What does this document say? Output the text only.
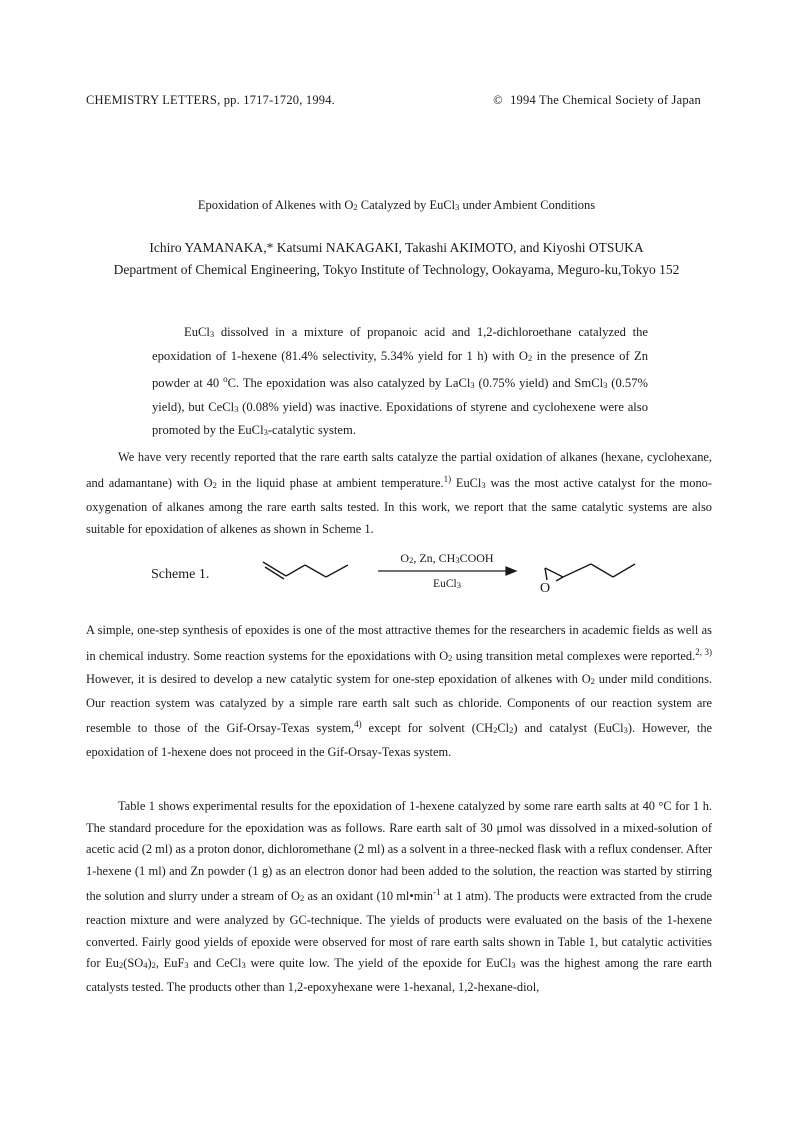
CHEMISTRY LETTERS, pp. 1717-1720, 1994.	© 1994 The Chemical Society of Japan
Epoxidation of Alkenes with $O_2$ Catalyzed by EuCl$_3$ under Ambient Conditions
Ichiro YAMANAKA,* Katsumi NAKAGAKI, Takashi AKIMOTO, and Kiyoshi OTSUKA
Department of Chemical Engineering, Tokyo Institute of Technology, Ookayama, Meguro-ku,Tokyo 152
EuCl$_3$ dissolved in a mixture of propanoic acid and 1,2-dichloroethane catalyzed the epoxidation of 1-hexene (81.4% selectivity, 5.34% yield for 1 h) with $O_2$ in the presence of Zn powder at 40 $^o$C. The epoxidation was also catalyzed by LaCl$_3$ (0.75% yield) and SmCl$_3$ (0.57% yield), but CeCl$_3$ (0.08% yield) was inactive. Epoxidations of styrene and cyclohexene were also promoted by the EuCl$_3$-catalytic system.
We have very recently reported that the rare earth salts catalyze the partial oxidation of alkanes (hexane, cyclohexane, and adamantane) with $O_2$ in the liquid phase at ambient temperature.$^{1)}$ EuCl$_3$ was the most active catalyst for the mono-oxygenation of alkanes among the rare earth salts tested. In this work, we report that the same catalytic systems are also suitable for epoxidation of alkenes as shown in Scheme 1.
Scheme 1.
O
$O_2$, Zn, $CH_3COOH$
EuCl$_3$
A simple, one-step synthesis of epoxides is one of the most attractive themes for the researchers in academic fields as well as in chemical industry. Some reaction systems for the epoxidations with $O_2$ using transition metal complexes were reported.$^{2, 3)}$ However, it is desired to develop a new catalytic system for one-step epoxidation of alkenes with $O_2$ under mild conditions. Our reaction system was catalyzed by a simple rare earth salt such as chloride. Components of our reaction system are resemble to those of the Gif-Orsay-Texas system,$^{4)}$ except for solvent $(CH_2Cl_2)$ and catalyst (EuCl$_3$). However, the epoxidation of 1-hexene does not proceed in the Gif-Orsay-Texas system.
Table 1 shows experimental results for the epoxidation of 1-hexene catalyzed by some rare earth salts at 40 °C for 1 h. The standard procedure for the epoxidation was as follows. Rare earth salt of 30 μmol was dissolved in a mixed-solution of acetic acid (2 ml) as a proton donor, dichloromethane (2 ml) as a solvent in a three-necked flask with a reflux condenser. After 1-hexene (1 ml) and Zn powder (1 g) as an electron donor had been added to the solution, the reaction was started by stirring the solution and slurry under a stream of $O_2$ as an oxidant (10 $ml•\min^{-1}$ at 1 atm). The products were extracted from the crude reaction mixture and were analyzed by GC-technique. The yields of products were evaluated on the basis of the 1-hexene converted. Fairly good yields of epoxide were observed for most of rare earth salts shown in Table 1, but catalytic activities for $Eu_2(SO_4)_2$, EuF$_3$ and CeCl$_3$ were quite low. The yield of the epoxide for EuCl$_3$ was the highest among the rare earth catalysts tested. The products other than 1,2-epoxyhexane were 1-hexanal, 1,2-hexane-diol,
